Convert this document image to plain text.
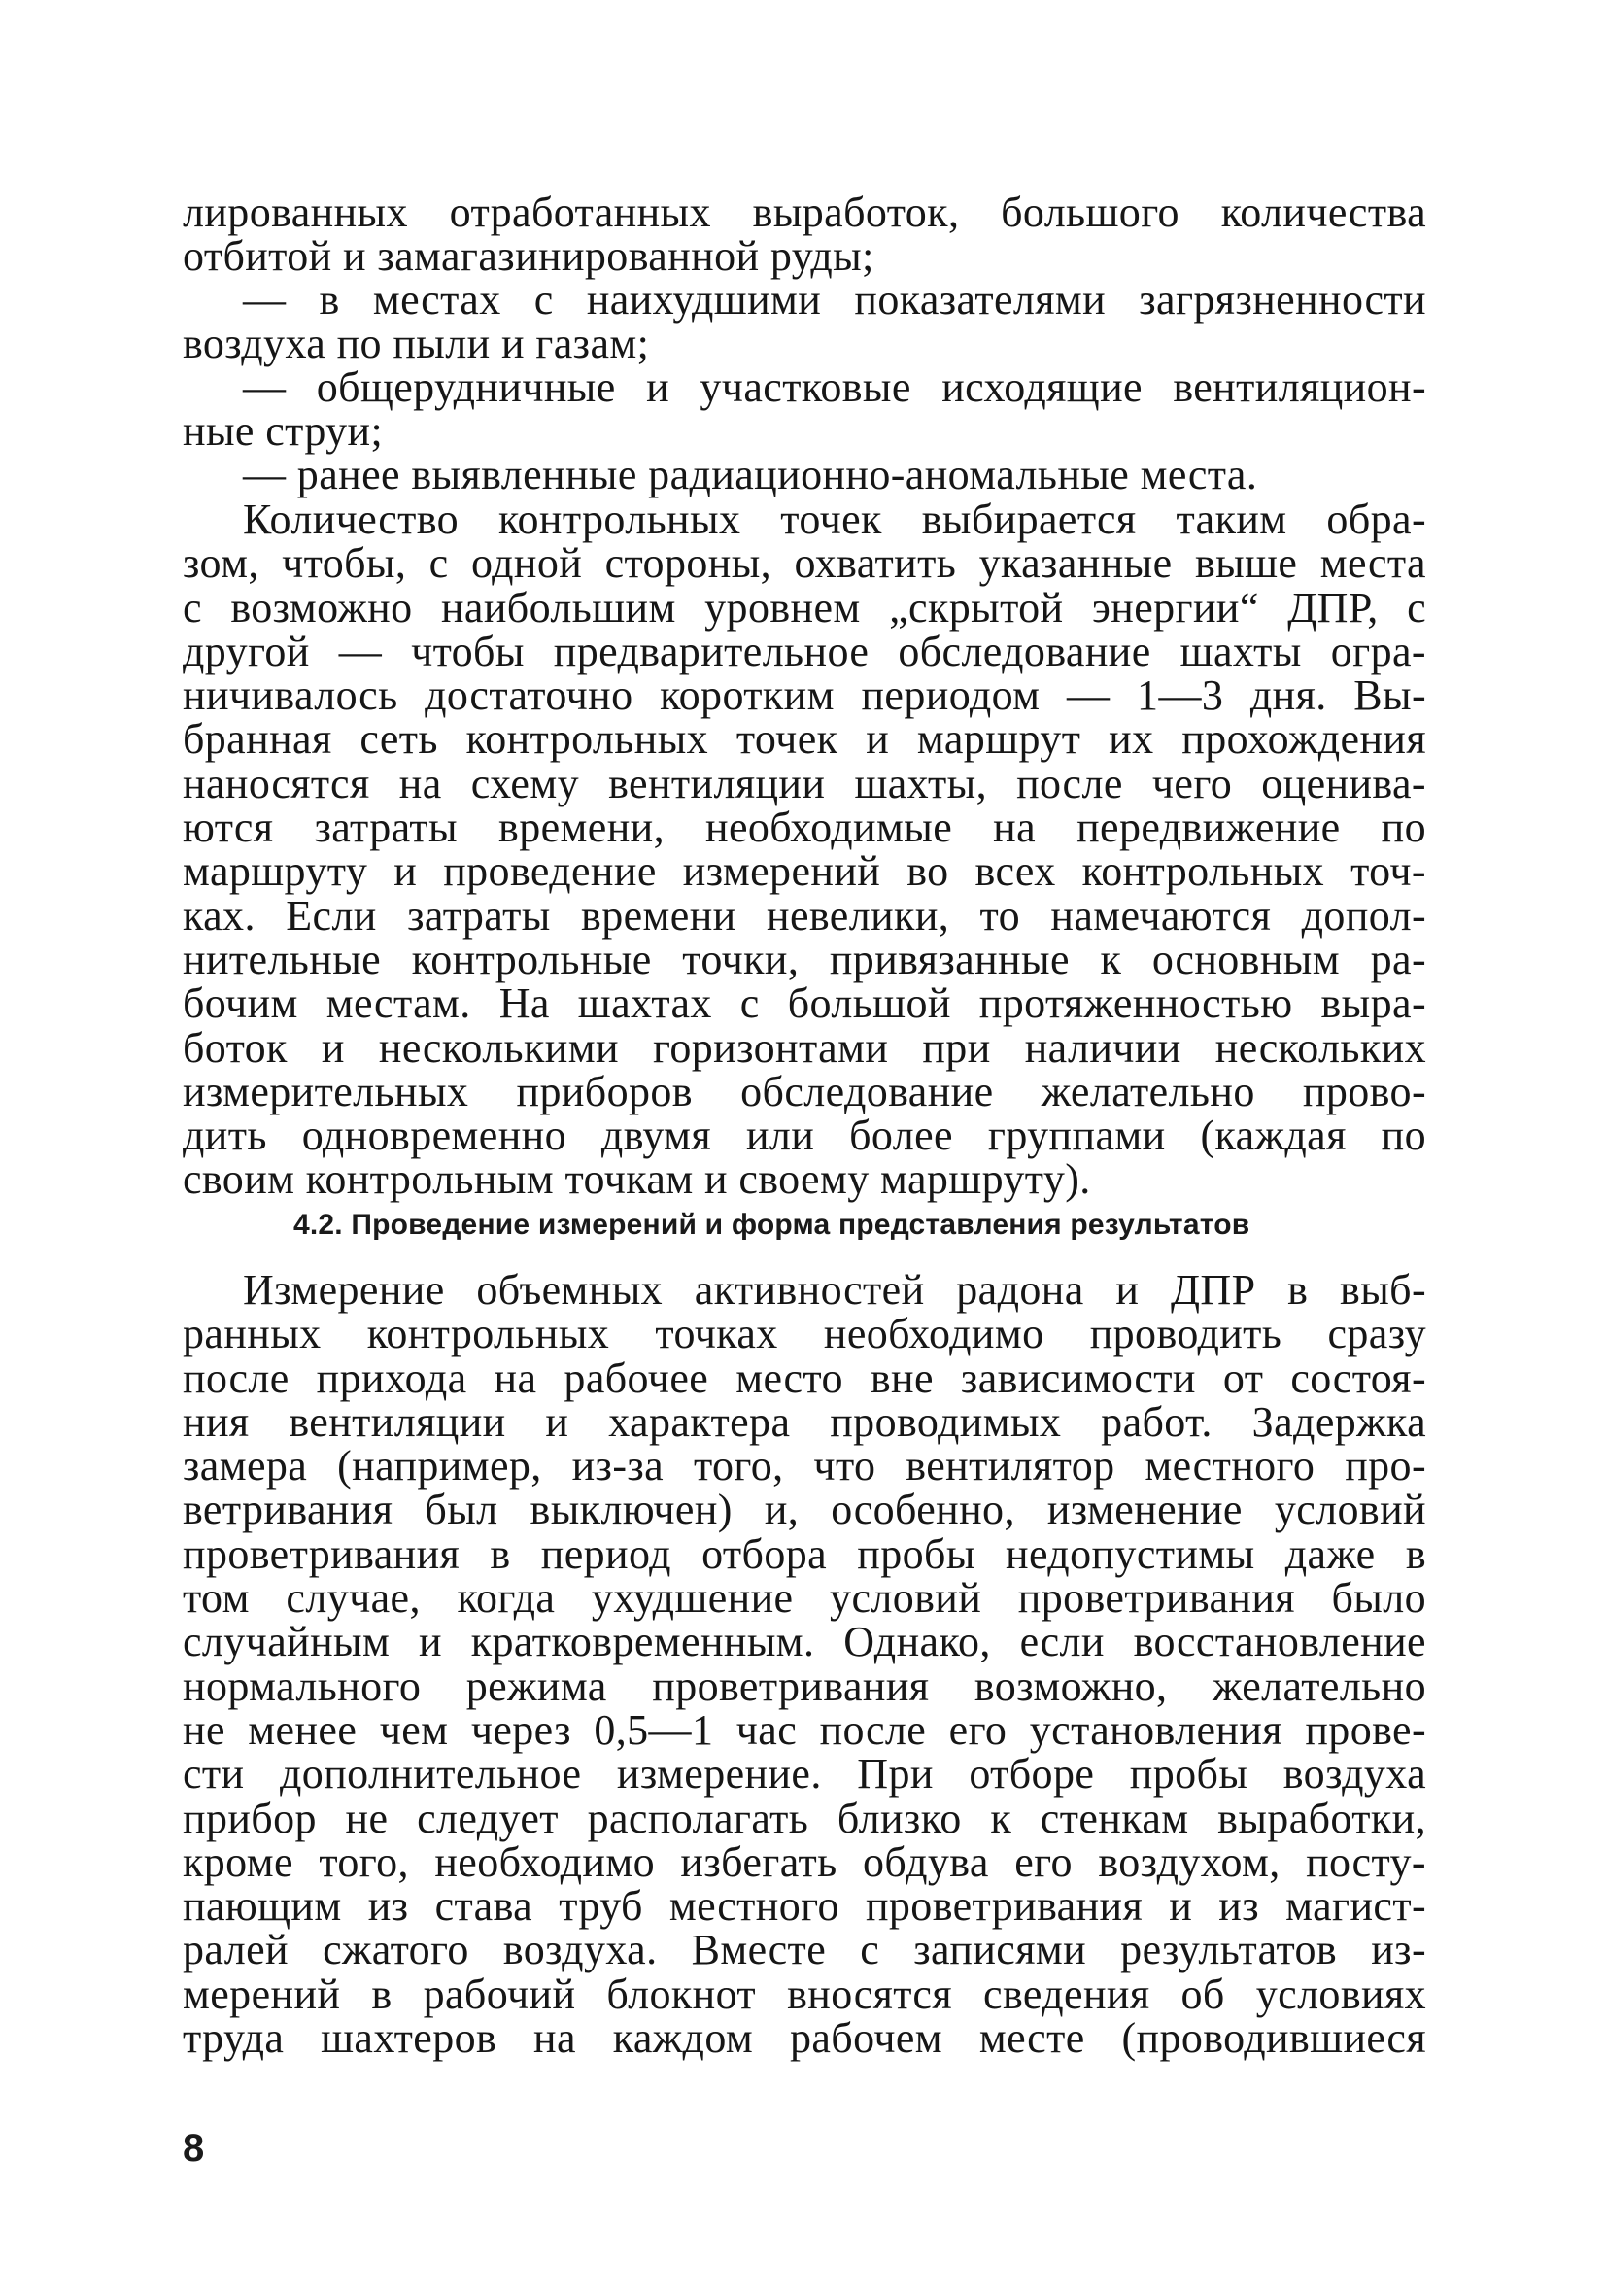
лированных отработанных выработок, большого количества
отбитой и замагазинированной руды;
— в местах с наихудшими показателями загрязненности
воздуха по пыли и газам;
— общерудничные и участковые исходящие вентиляцион-
ные струи;
— ранее выявленные радиационно-аномальные места.
Количество контрольных точек выбирается таким обра-
зом, чтобы, с одной стороны, охватить указанные выше места
с возможно наибольшим уровнем „скрытой энергии“ ДПР, с
другой — чтобы предварительное обследование шахты огра-
ничивалось достаточно коротким периодом — 1—3 дня. Вы-
бранная сеть контрольных точек и маршрут их прохождения
наносятся на схему вентиляции шахты, после чего оценива-
ются затраты времени, необходимые на передвижение по
маршруту и проведение измерений во всех контрольных точ-
ках. Если затраты времени невелики, то намечаются допол-
нительные контрольные точки, привязанные к основным ра-
бочим местам. На шахтах с большой протяженностью выра-
боток и несколькими горизонтами при наличии нескольких
измерительных приборов обследование желательно прово-
дить одновременно двумя или более группами (каждая по
своим контрольным точкам и своему маршруту).
4.2. Проведение измерений и форма представления результатов
Измерение объемных активностей радона и ДПР в выб-
ранных контрольных точках необходимо проводить сразу
после прихода на рабочее место вне зависимости от состоя-
ния вентиляции и характера проводимых работ. Задержка
замера (например, из-за того, что вентилятор местного про-
ветривания был выключен) и, особенно, изменение условий
проветривания в период отбора пробы недопустимы даже в
том случае, когда ухудшение условий проветривания было
случайным и кратковременным. Однако, если восстановление
нормального режима проветривания возможно, желательно
не менее чем через 0,5—1 час после его установления прове-
сти дополнительное измерение. При отборе пробы воздуха
прибор не следует располагать близко к стенкам выработки,
кроме того, необходимо избегать обдува его воздухом, посту-
пающим из става труб местного проветривания и из магист-
ралей сжатого воздуха. Вместе с записями результатов из-
мерений в рабочий блокнот вносятся сведения об условиях
труда шахтеров на каждом рабочем месте (проводившиеся
8
